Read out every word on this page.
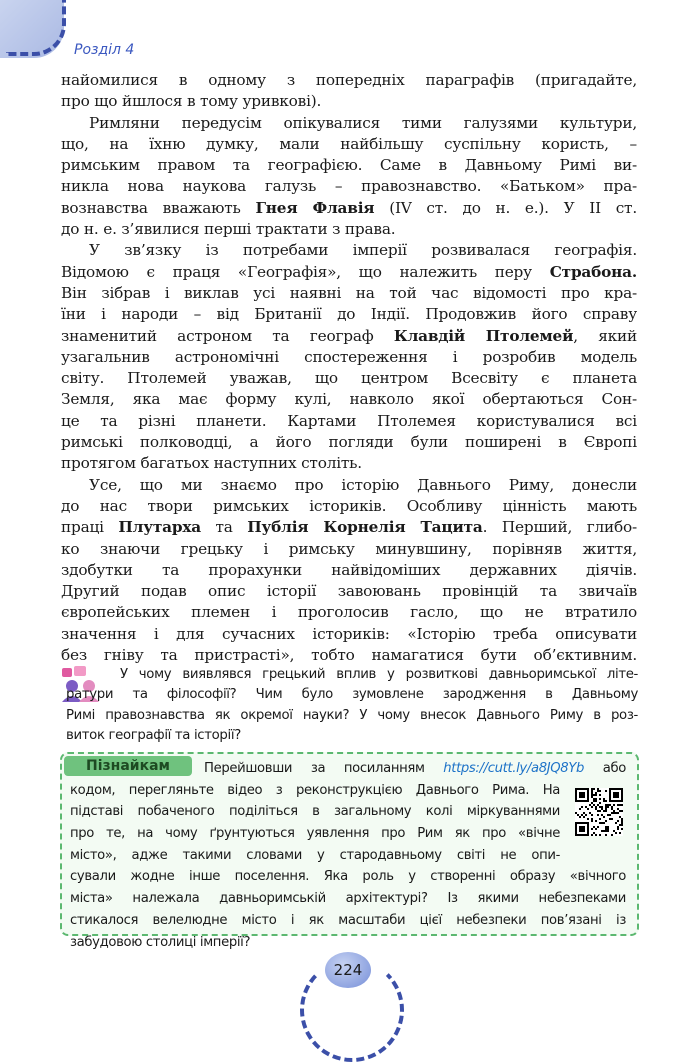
Розділ 4
найомилися в одному з попередніх параграфів (пригадайте,
про що йшлося в тому уривкові).
Римляни передусім опікувалися тими галузями культури,
що, на їхню думку, мали найбільшу суспільну користь, –
римським правом та географією. Саме в Давньому Римі ви-
никла нова наукова галузь – правознавство. «Батьком» пра-
вознавства вважають Гнея Флавія (IV ст. до н. е.). У II ст.
до н. е. з’явилися перші трактати з права.
У зв’язку із потребами імперії розвивалася географія.
Відомою є праця «Географія», що належить перу Страбона.
Він зібрав і виклав усі наявні на той час відомості про кра-
їни і народи – від Британії до Індії. Продовжив його справу
знаменитий астроном та географ Клавдій Птолемей, який
узагальнив астрономічні спостереження і розробив модель
світу. Птолемей уважав, що центром Всесвіту є планета
Земля, яка має форму кулі, навколо якої обертаються Сон-
це та різні планети. Картами Птолемея користувалися всі
римські полководці, а його погляди були поширені в Європі
протягом багатьох наступних століть.
Усе, що ми знаємо про історію Давнього Риму, донесли
до нас твори римських істориків. Особливу цінність мають
праці Плутарха та Публія Корнелія Тацита. Перший, глибо-
ко знаючи грецьку і римську минувшину, порівняв життя,
здобутки та прорахунки найвідоміших державних діячів.
Другий подав опис історії завоювань провінцій та звичаїв
європейських племен і проголосив гасло, що не втратило
значення і для сучасних істориків: «Історію треба описувати
без гніву та пристрасті», тобто намагатися бути об’єктивним.
У чому виявлявся грецький вплив у розвиткові давньоримської літе-
ратури та філософії? Чим було зумовлене зародження в Давньому
Римі правознавства як окремої науки? У чому внесок Давнього Риму в роз-
виток географії та історії?
Пізнайкам	Перейшовши за посиланням https://cutt.ly/a8JQ8Yb або
кодом, перегляньте відео з реконструкцією Давнього Рима. На
підставі побаченого поділіться в загальному колі міркуваннями
про те, на чому ґрунтуються уявлення про Рим як про «вічне
місто», адже такими словами у стародавньому світі не опи-
сували жодне інше поселення. Яка роль у створенні образу «вічного
міста» належала давньоримській архітектурі? Із якими небезпеками
стикалося велелюдне місто і як масштаби цієї небезпеки пов’язані із
забудовою столиці імперії?
224
